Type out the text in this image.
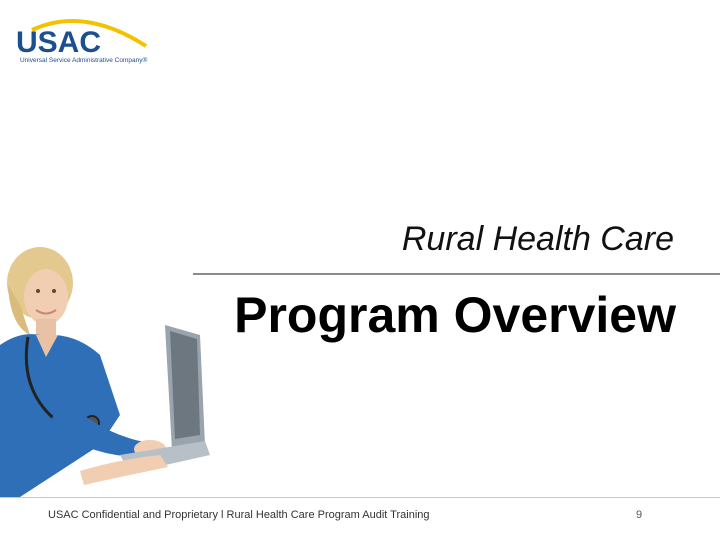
USAC
Universal Service Administrative Company®
Rural Health Care
Program Overview
USAC Confidential and Proprietary l Rural Health Care Program Audit Training	9
